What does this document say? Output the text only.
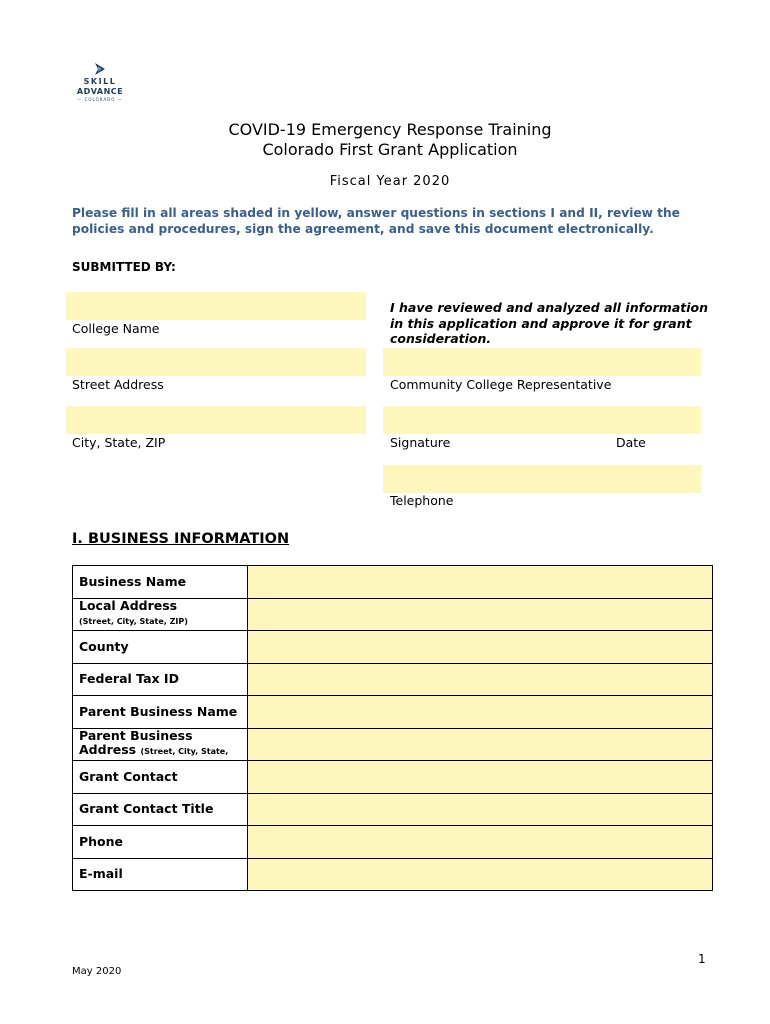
SKILL
ADVANCE
— COLORADO —
COVID-19 Emergency Response Training
Colorado First Grant Application
Fiscal Year 2020
Please fill in all areas shaded in yellow, answer questions in sections I and II, review the policies and procedures, sign the agreement, and save this document electronically.
SUBMITTED BY:
College Name
Street Address
City, State, ZIP
I have reviewed and analyzed all information in this application and approve it for grant consideration.
Community College Representative
Signature	Date
Telephone
I. BUSINESS INFORMATION
Business Name	
Local Address
(Street, City, State, ZIP)	
County	
Federal Tax ID	
Parent Business Name	
Parent Business Address (Street, City, State,	
Grant Contact	
Grant Contact Title	
Phone	
E-mail	
1
May 2020
